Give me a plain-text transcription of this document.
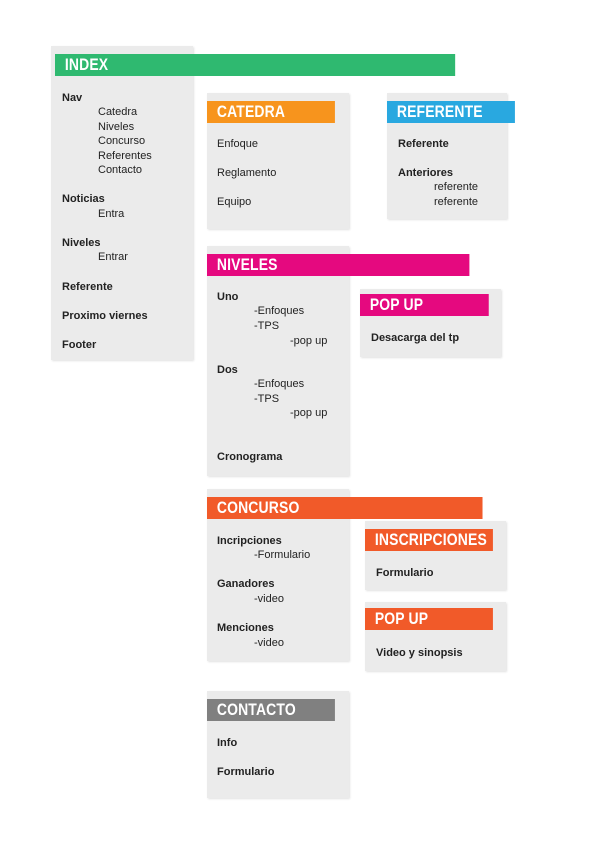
INDEX
Nav
Catedra
Niveles
Concurso
Referentes
Contacto
Noticias
Entra
Niveles
Entrar
Referente
Proximo viernes
Footer
CATEDRA
Enfoque
Reglamento
Equipo
REFERENTE
Referente
Anteriores
referente
referente
NIVELES
Uno
-Enfoques
-TPS
-pop up
Dos
-Enfoques
-TPS
-pop up
Cronograma
POP UP
Desacarga del tp
CONCURSO
Incripciones
-Formulario
Ganadores
-video
Menciones
-video
INSCRIPCIONES
Formulario
POP UP
Video y sinopsis
CONTACTO
Info
Formulario
